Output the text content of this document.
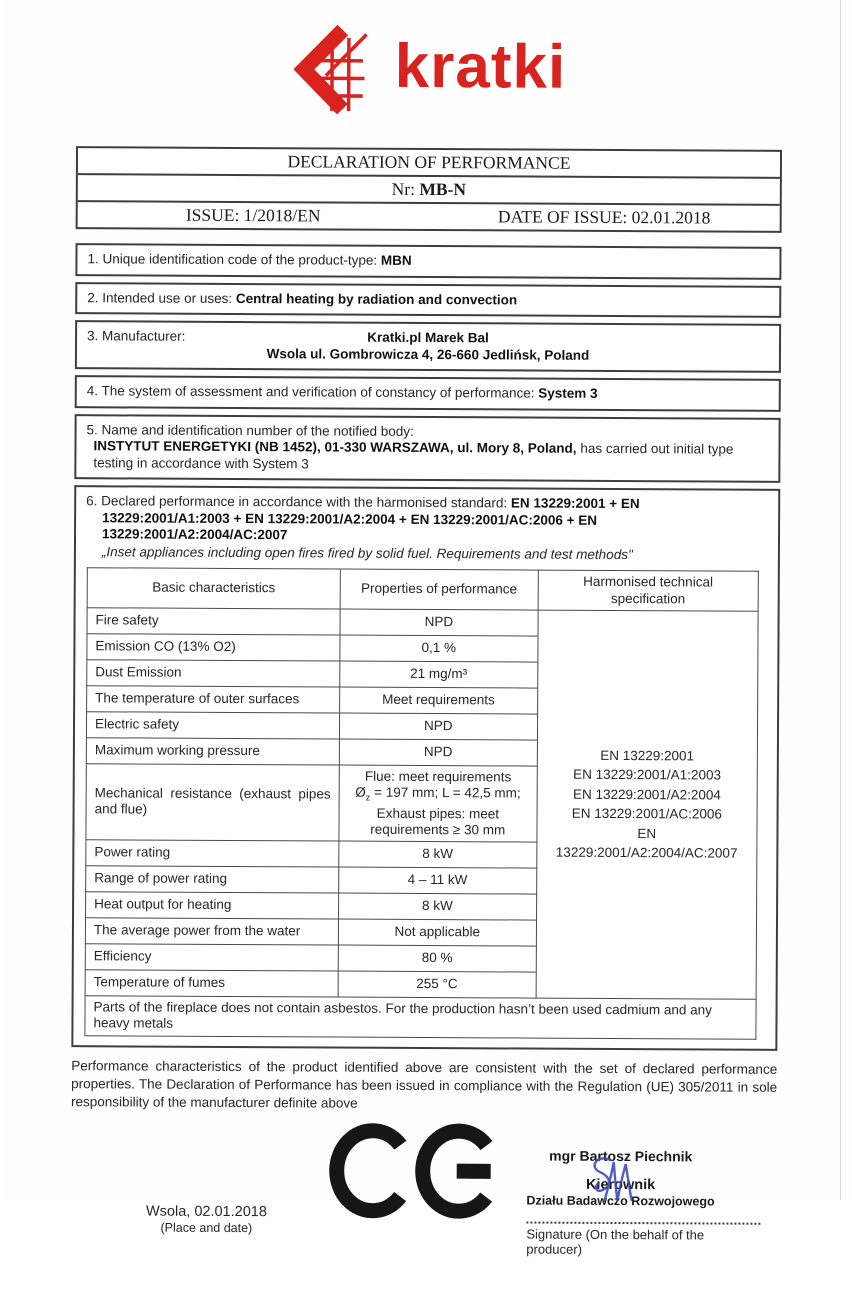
kratki
DECLARATION OF PERFORMANCE
Nr:
MB-N
ISSUE: 1/2018/EN	DATE OF ISSUE: 02.01.2018
1. Unique identification code of the product-type: MBN
2. Intended use or uses: Central heating by radiation and convection
3. Manufacturer:	Kratki.pl Marek Bal
Wsola ul. Gombrowicza 4, 26-660 Jedlińsk, Poland
4. The system of assessment and verification of constancy of performance: System 3
5. Name and identification number of the notified body:
INSTYTUT ENERGETYKI (NB 1452), 01-330 WARSZAWA, ul. Mory 8, Poland, has carried out initial type testing in accordance with System 3
6. Declared performance in accordance with the harmonised standard: EN 13229:2001 + EN 13229:2001/A1:2003 + EN 13229:2001/A2:2004 + EN 13229:2001/AC:2006 + EN 13229:2001/A2:2004/AC:2007
„Inset appliances including open fires fired by solid fuel. Requirements and test methods"
Basic characteristics	Properties of performance	Harmonised technical specification
Fire safety	NPD	EN 13229:2001
EN 13229:2001/A1:2003
EN 13229:2001/A2:2004
EN 13229:2001/AC:2006
EN 13229:2001/A2:2004/AC:2007

Emission CO (13% O2)	0,1 %	
Dust Emission	21 mg/m³	
The temperature of outer surfaces	Meet requirements	
Electric safety	NPD	
Maximum working pressure	NPD	
Mechanical resistance (exhaust pipes and flue)	Flue: meet requirements
$Ø_z = 197$ mm; L = 42,5 mm;
Exhaust pipes: meet
requirements ≥ 30 mm	

Power rating	8 kW	
Range of power rating	4 – 11 kW	
Heat output for heating	8 kW	
The average power from the water	Not applicable	
Efficiency	80 %	
Temperature of fumes	255 °C	
Parts of the fireplace does not contain asbestos. For the production hasn’t been used cadmium and any heavy metals		
Performance characteristics of the product identified above are consistent with the set of declared performance properties. The Declaration of Performance has been issued in compliance with the Regulation (UE) 305/2011 in sole responsibility of the manufacturer definite above
Wsola, 02.01.2018
(Place and date)
mgr Bartosz Piechnik
Kierownik
Działu Badawczo Rozwojowego
Signature (On the behalf of the producer)
